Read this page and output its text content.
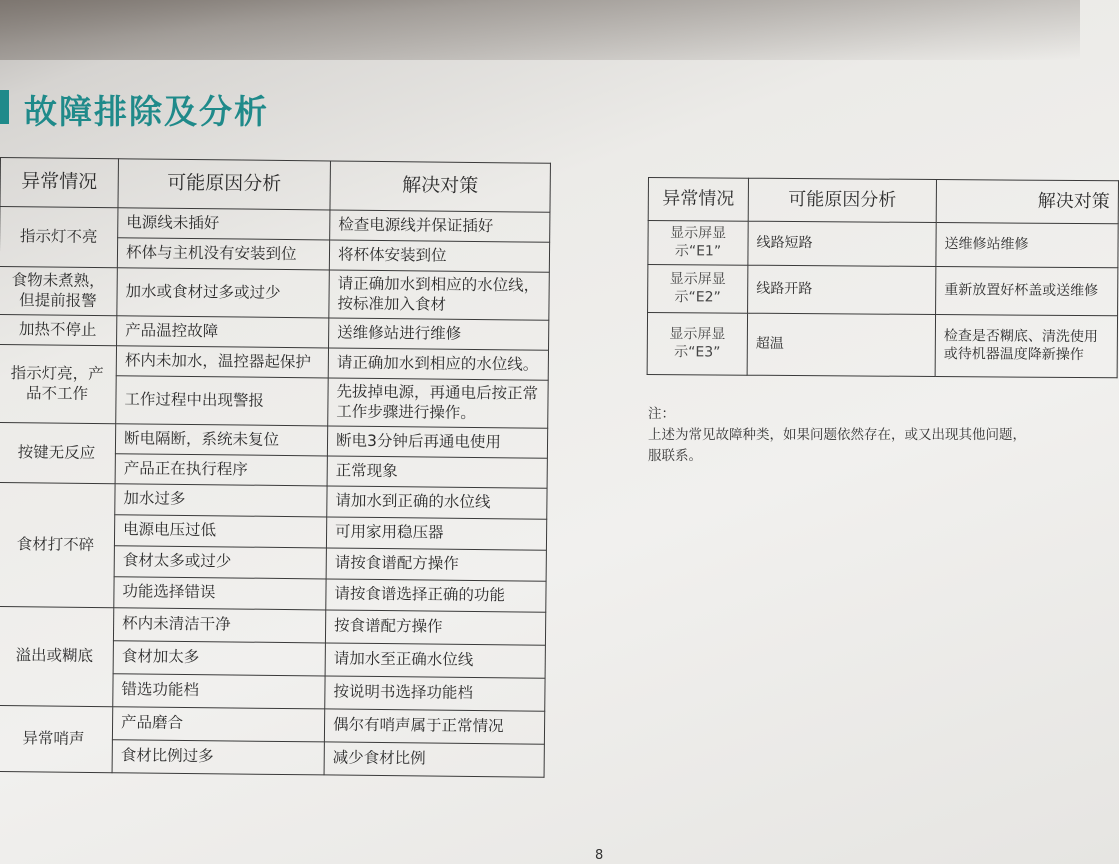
故障排除及分析
异常情况	可能原因分析	解决对策
指示灯不亮	电源线未插好	检查电源线并保证插好
	杯体与主机没有安装到位	将杯体安装到位
食物未煮熟，但提前报警	加水或食材过多或过少	请正确加水到相应的水位线，按标准加入食材
加热不停止	产品温控故障	送维修站进行维修
指示灯亮，产品不工作	杯内未加水，温控器起保护	请正确加水到相应的水位线。
	工作过程中出现警报	先拔掉电源，再通电后按正常工作步骤进行操作。
按键无反应	断电隔断，系统未复位	断电3分钟后再通电使用
	产品正在执行程序	正常现象
食材打不碎	加水过多	请加水到正确的水位线
	电源电压过低	可用家用稳压器
	食材太多或过少	请按食谱配方操作
	功能选择错误	请按食谱选择正确的功能
溢出或糊底	杯内未清洁干净	按食谱配方操作
	食材加太多	请加水至正确水位线
	错选功能档	按说明书选择功能档
异常哨声	产品磨合	偶尔有哨声属于正常情况
	食材比例过多	减少食材比例
异常情况	可能原因分析	解决对策
显示屏显示“E1”	线路短路	送维修站维修
显示屏显示“E2”	线路开路	重新放置好杯盖或送维修
显示屏显示“E3”	超温	检查是否糊底、清洗使用或待机器温度降新操作
注：
上述为常见故障种类，如果问题依然存在，或又出现其他问题，
服联系。
8
